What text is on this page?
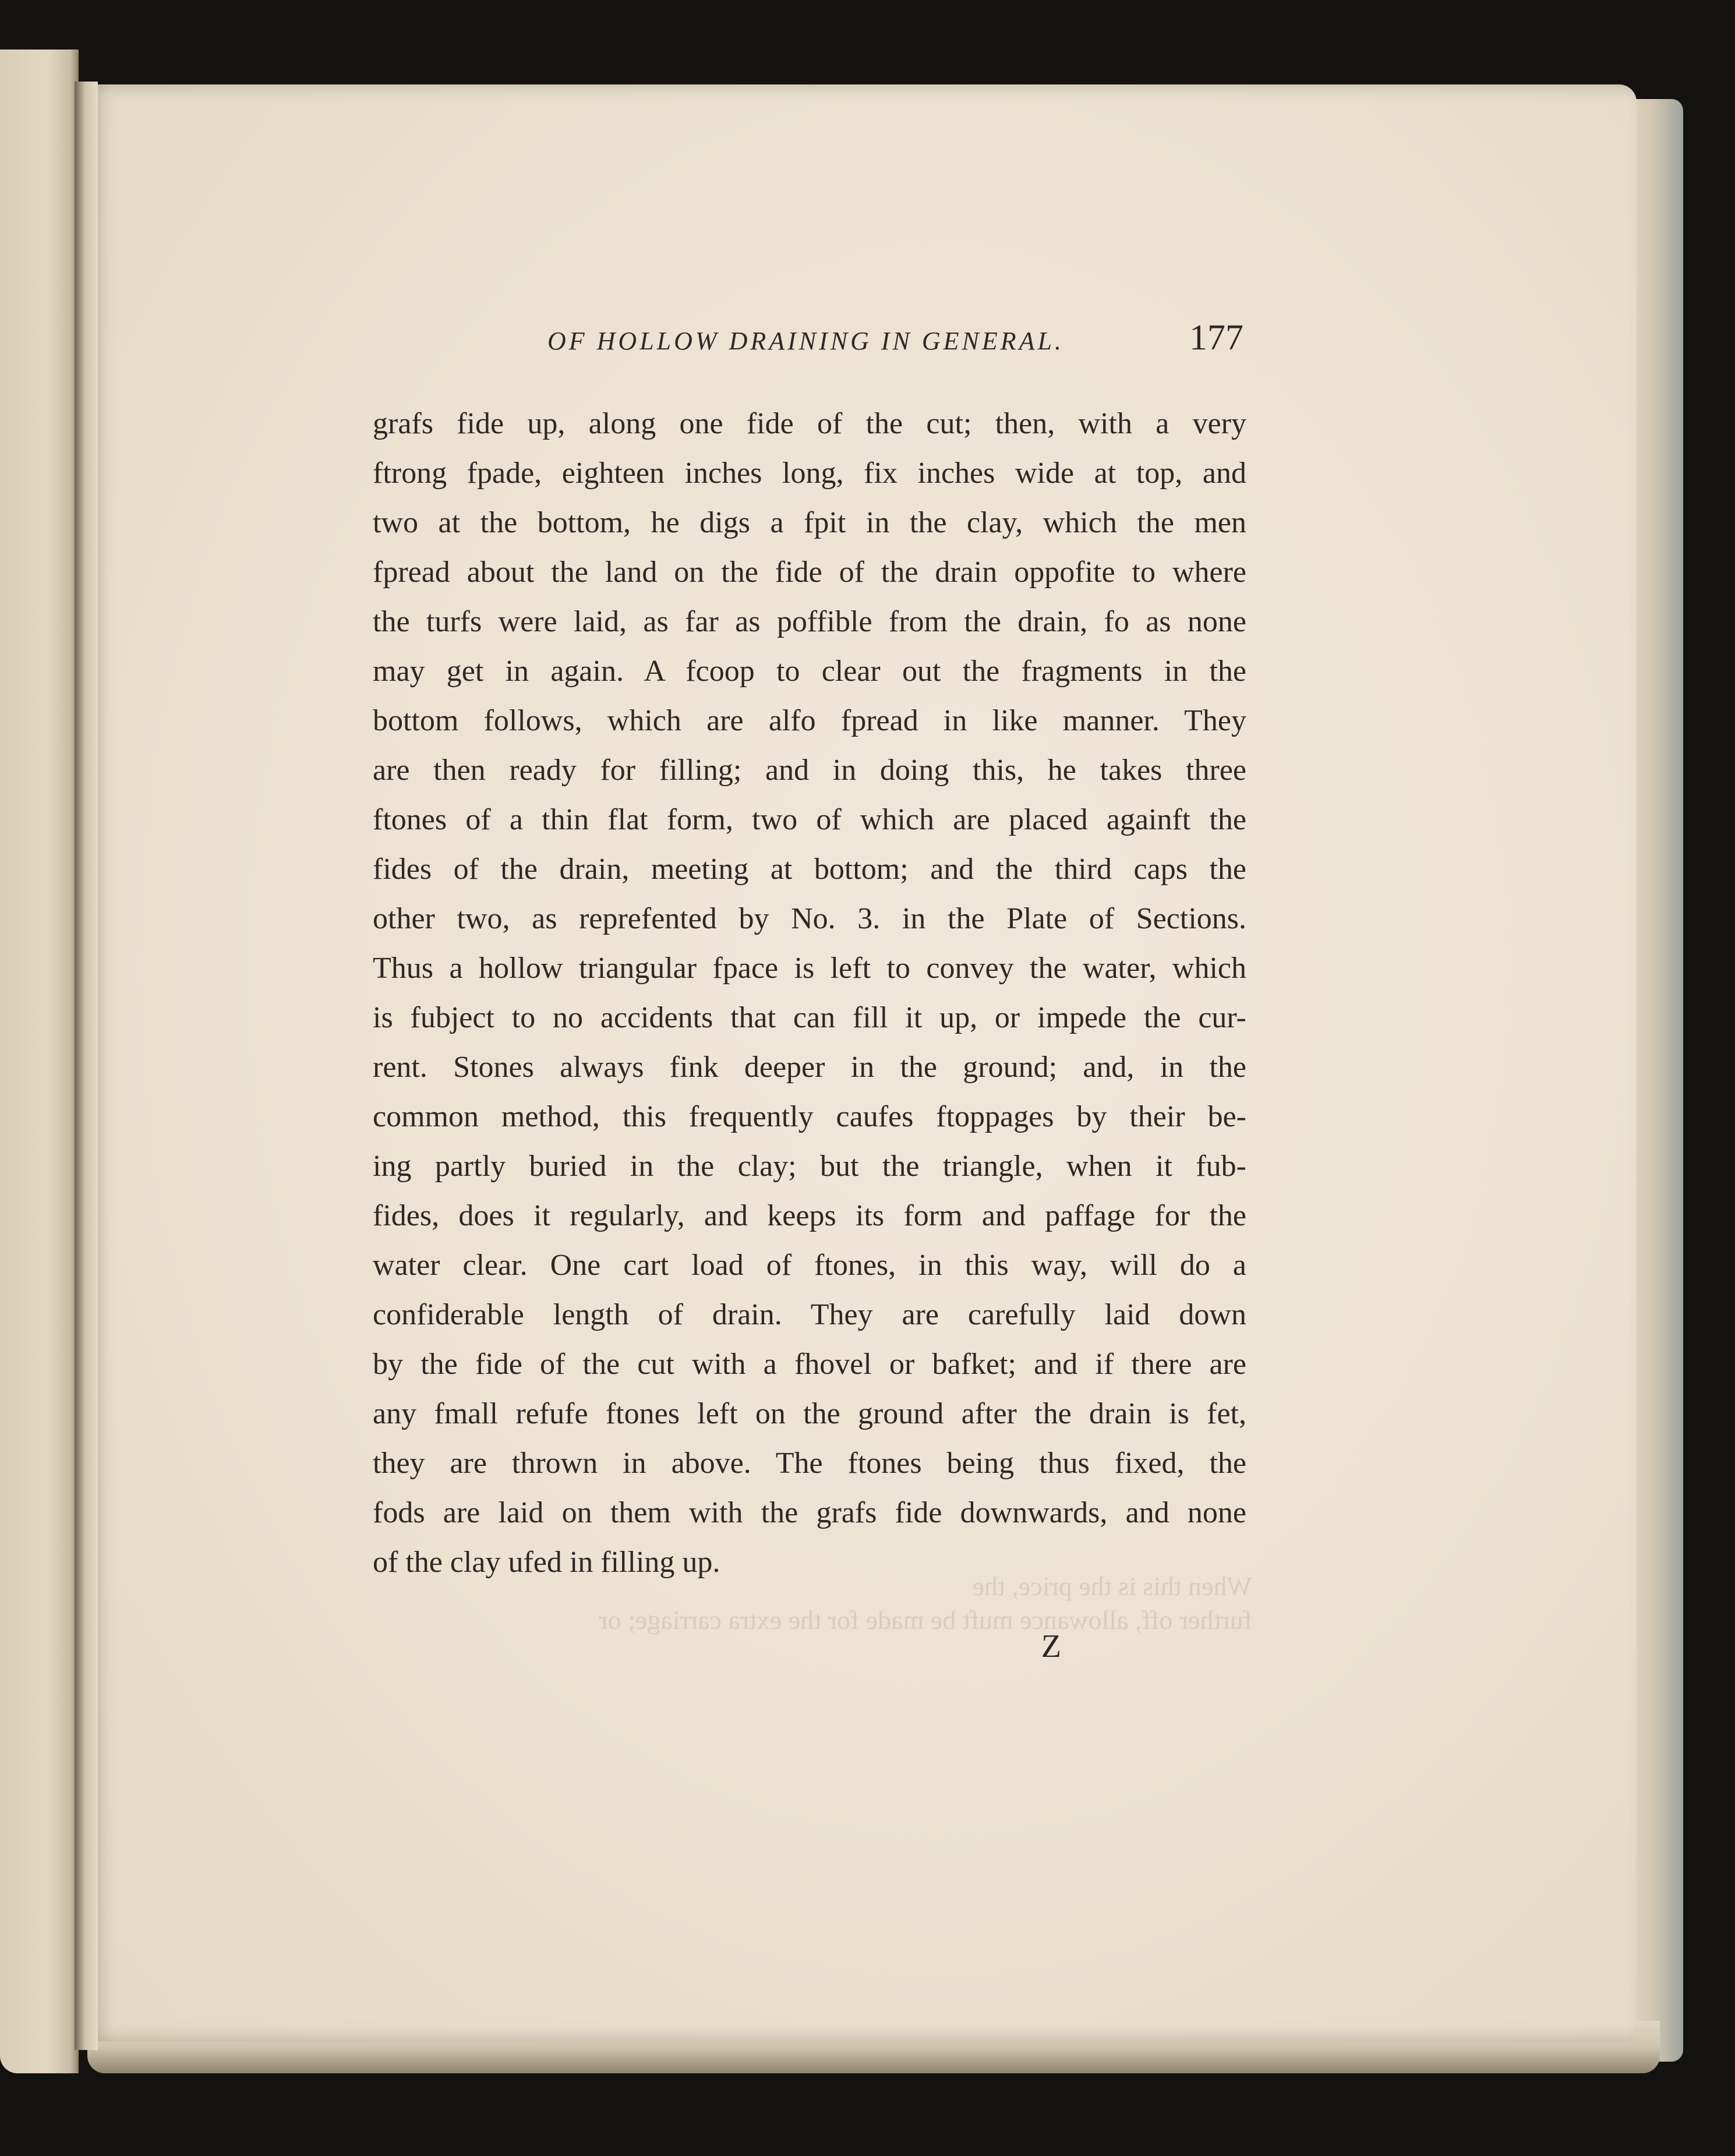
OF HOLLOW DRAINING IN GENERAL.	177
grafs fide up, along one fide of the cut; then, with a very
ftrong fpade, eighteen inches long, fix inches wide at top, and
two at the bottom, he digs a fpit in the clay, which the men
fpread about the land on the fide of the drain oppofite to where
the turfs were laid, as far as poffible from the drain, fo as none
may get in again. A fcoop to clear out the fragments in the
bottom follows, which are alfo fpread in like manner. They
are then ready for filling; and in doing this, he takes three
ftones of a thin flat form, two of which are placed againft the
fides of the drain, meeting at bottom; and the third caps the
other two, as reprefented by No. 3. in the Plate of Sections.
Thus a hollow triangular fpace is left to convey the water, which
is fubject to no accidents that can fill it up, or impede the cur-
rent. Stones always fink deeper in the ground; and, in the
common method, this frequently caufes ftoppages by their be-
ing partly buried in the clay; but the triangle, when it fub-
fides, does it regularly, and keeps its form and paffage for the
water clear. One cart load of ftones, in this way, will do a
confiderable length of drain. They are carefully laid down
by the fide of the cut with a fhovel or bafket; and if there are
any fmall refufe ftones left on the ground after the drain is fet,
they are thrown in above. The ftones being thus fixed, the
fods are laid on them with the grafs fide downwards, and none
of the clay ufed in filling up.
When this is the price, the
further off, allowance muft be made for the extra carriage; or
Z
